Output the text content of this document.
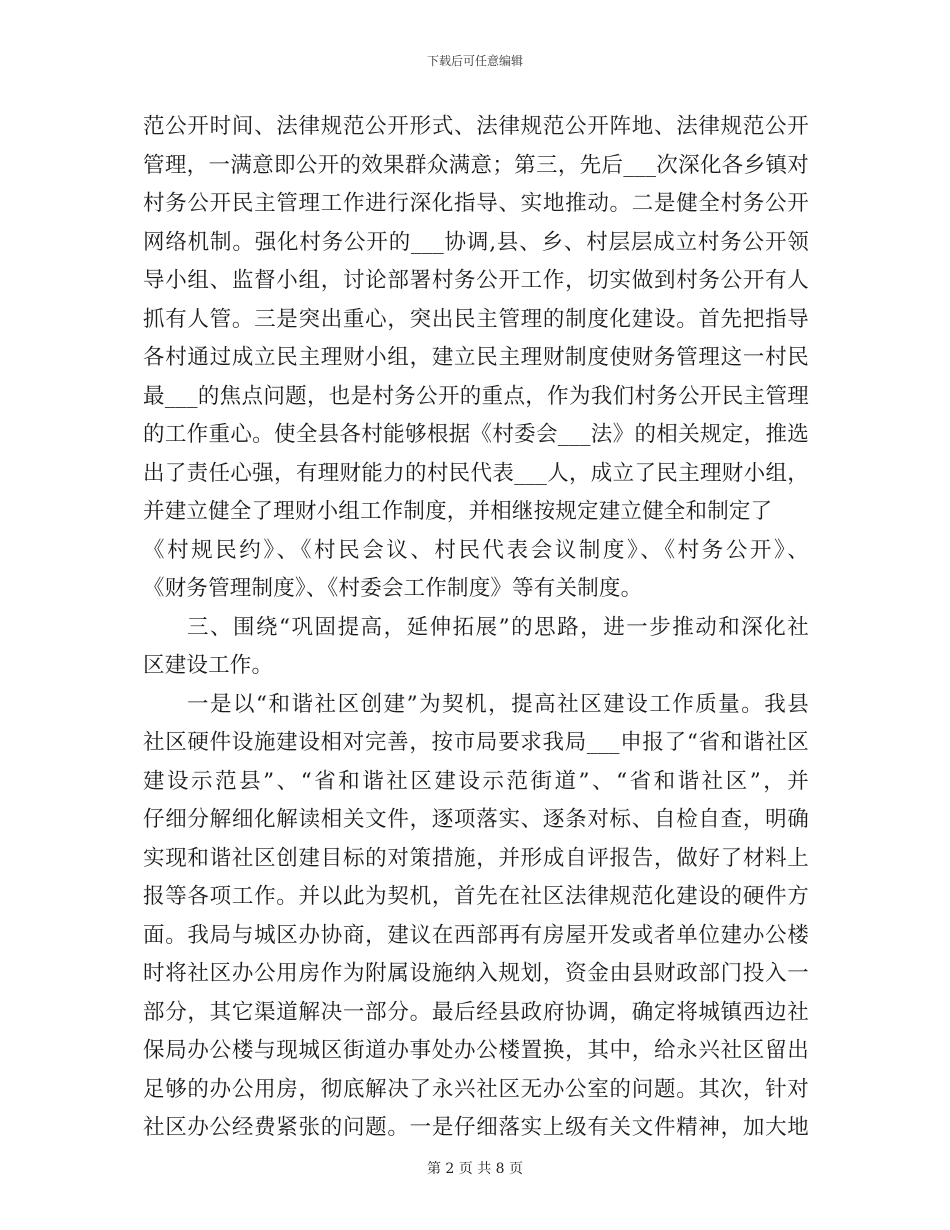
下载后可任意编辑
范公开时间、法律规范公开形式、法律规范公开阵地、法律规范公开
管理，一满意即公开的效果群众满意；第三，先后___次深化各乡镇对
村务公开民主管理工作进行深化指导、实地推动。二是健全村务公开
网络机制。强化村务公开的___协调,县、乡、村层层成立村务公开领
导小组、监督小组，讨论部署村务公开工作，切实做到村务公开有人
抓有人管。三是突出重心，突出民主管理的制度化建设。首先把指导
各村通过成立民主理财小组，建立民主理财制度使财务管理这一村民
最___的焦点问题，也是村务公开的重点，作为我们村务公开民主管理
的工作重心。使全县各村能够根据《村委会___法》的相关规定，推选
出了责任心强，有理财能力的村民代表___人，成立了民主理财小组，
并建立健全了理财小组工作制度，并相继按规定建立健全和制定了
《村规民约》、《村民会议、村民代表会议制度》、《村务公开》、
《财务管理制度》、《村委会工作制度》等有关制度。
三、围绕“巩固提高，延伸拓展”的思路，进一步推动和深化社
区建设工作。
一是以“和谐社区创建”为契机，提高社区建设工作质量。我县
社区硬件设施建设相对完善，按市局要求我局___申报了“省和谐社区
建设示范县”、“省和谐社区建设示范街道”、“省和谐社区”，并
仔细分解细化解读相关文件，逐项落实、逐条对标、自检自查，明确
实现和谐社区创建目标的对策措施，并形成自评报告，做好了材料上
报等各项工作。并以此为契机，首先在社区法律规范化建设的硬件方
面。我局与城区办协商，建议在西部再有房屋开发或者单位建办公楼
时将社区办公用房作为附属设施纳入规划，资金由县财政部门投入一
部分，其它渠道解决一部分。最后经县政府协调，确定将城镇西边社
保局办公楼与现城区街道办事处办公楼置换，其中，给永兴社区留出
足够的办公用房，彻底解决了永兴社区无办公室的问题。其次，针对
社区办公经费紧张的问题。一是仔细落实上级有关文件精神，加大地
第 2 页 共 8 页
